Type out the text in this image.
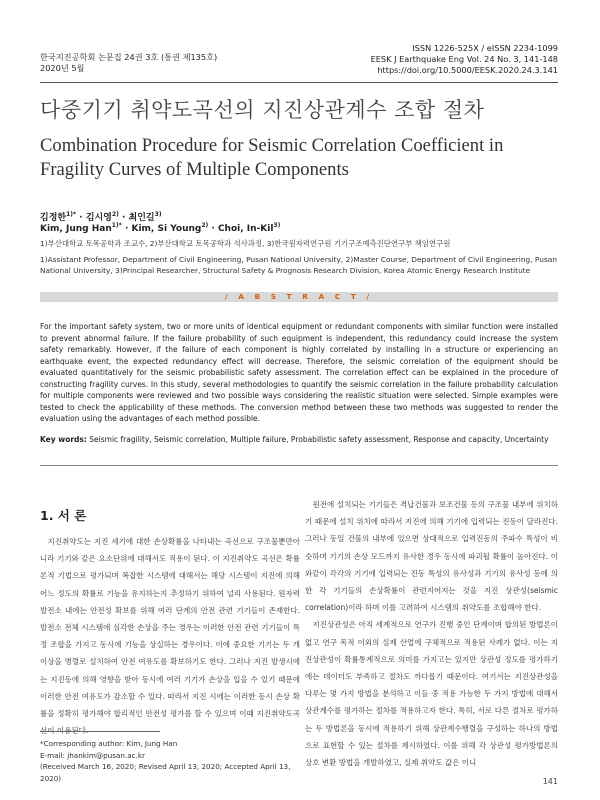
한국지진공학회 논문집 24권 3호 (통권 제135호)
2020년 5월
ISSN 1226-525X / eISSN 2234-1099
EESK J Earthquake Eng Vol. 24 No. 3, 141-148
https://doi.org/10.5000/EESK.2020.24.3.141
다중기기 취약도곡선의 지진상관계수 조합 절차
Combination Procedure for Seismic Correlation Coefficient in Fragility Curves of Multiple Components
김정한$^{1)*}$ · 김시영$^{2)}$ · 최인길$^{3)}$
Kim, Jung Han$^{1)*}$ · Kim, Si Young$^{2)}$ · Choi, In-Kil$^{3)}$
1)부산대학교 토목공학과 조교수, 2)부산대학교 토목공학과 석사과정, 3)한국원자력연구원 기기구조예측진단연구부 책임연구원
1)Assistant Professor, Department of Civil Engineering, Pusan National University, 2)Master Course, Department of Civil Engineering, Pusan National University, 3)Principal Researcher, Structural Safety & Prognosis Research Division, Korea Atomic Energy Research Institute
/ A B S T R A C T /
For the important safety system, two or more units of identical equipment or redundant components with similar function were installed to prevent abnormal failure. If the failure probability of such equipment is independent, this redundancy could increase the system safety remarkably. However, if the failure of each component is highly correlated by installing in a structure or experiencing an earthquake event, the expected redundancy effect will decrease. Therefore, the seismic correlation of the equipment should be evaluated quantitatively for the seismic probabilistic safety assessment. The correlation effect can be explained in the procedure of constructing fragility curves. In this study, several methodologies to quantify the seismic correlation in the failure probability calculation for multiple components were reviewed and two possible ways considering the realistic situation were selected. Simple examples were tested to check the applicability of these methods. The conversion method between these two methods was suggested to render the evaluation using the advantages of each method possible.
Key words: Seismic fragility, Seismic correlation, Multiple failure, Probabilistic safety assessment, Response and capacity, Uncertainty
1. 서 론

지진취약도는 지진 세기에 대한 손상확률을 나타내는 곡선으로 구조물뿐만아니라 기기와 같은 요소단위에 대해서도 적용이 된다. 이 지진취약도 곡선은 확률론적 기법으로 평가되며 복잡한 시스템에 대해서는 해당 시스템이 지진에 의해 어느 정도의 확률로 기능을 유지하는지 추정하기 위하여 널리 사용된다. 원자력발전소 내에는 안전성 확보를 위해 여러 단계의 안전 관련 기기들이 존재한다. 발전소 전체 시스템에 심각한 손상을 주는 경우는 이러한 안전 관련 기기들이 특정 조합을 가지고 동시에 기능을 상실하는 경우이다. 이에 중요한 기기는 두 개 이상을 병렬로 설치하여 안전 여유도를 확보하기도 한다. 그러나 지진 발생시에는 지진동에 의해 영향을 받아 동시에 여러 기기가 손상을 입을 수 있기 때문에 이러한 안전 여유도가 감소할 수 있다. 따라서 지진 시에는 이러한 동시 손상 확률을 정확히 평가해야 합리적인 안전성 평가를 할 수 있으며 이때 지진취약도곡선이 이용된다.

원전에 설치되는 기기들은 격납건물과 보조건물 등의 구조물 내부에 위치하기 때문에 설치 위치에 따라서 지진에 의해 기기에 입력되는 진동이 달라진다. 그러나 동일 건물의 내부에 있으면 상대적으로 입력진동의 주파수 특성이 비슷하며 기기의 손상 모드까지 유사한 경우 동시에 파괴될 확률이 높아진다. 이와같이 각각의 기기에 입력되는 진동 특성의 유사성과 기기의 유사성 등에 의한 각 기기들의 손상확률이 관련지어지는 것을 지진 상관성(seismic correlation)이라 하며 이를 고려하여 시스템의 취약도를 조합해야 한다.

지진상관성은 아직 세계적으로 연구가 진행 중인 단계이며 합의된 방법론이 없고 연구 목적 이외의 실제 산업에 구체적으로 적용된 사례가 없다. 이는 지진상관성이 확률통계적으로 의미를 가지고는 있지만 상관성 정도를 평가하기에는 데이터도 부족하고 절차도 까다롭기 때문이다. 여기서는 지진상관성을 다루는 몇 가지 방법을 분석하고 이들 중 적용 가능한 두 가지 방법에 대해서 상관계수를 평가하는 절차를 적용하고자 한다. 특히, 서로 다른 절차로 평가하는 두 방법론을 동시에 적용하기 위해 상관계수행렬을 구성하는 하나의 방법으로 표현할 수 있는 절차를 제시하였다. 이를 위해 각 상관성 평가방법론의 상호 변환 방법을 개발하였고, 실제 취약도 값은 이니

*Corresponding author: Kim, Jung Han
E-mail: jhankim@pusan.ac.kr
(Received March 16, 2020; Revised April 13, 2020; Accepted April 13, 2020)	141
